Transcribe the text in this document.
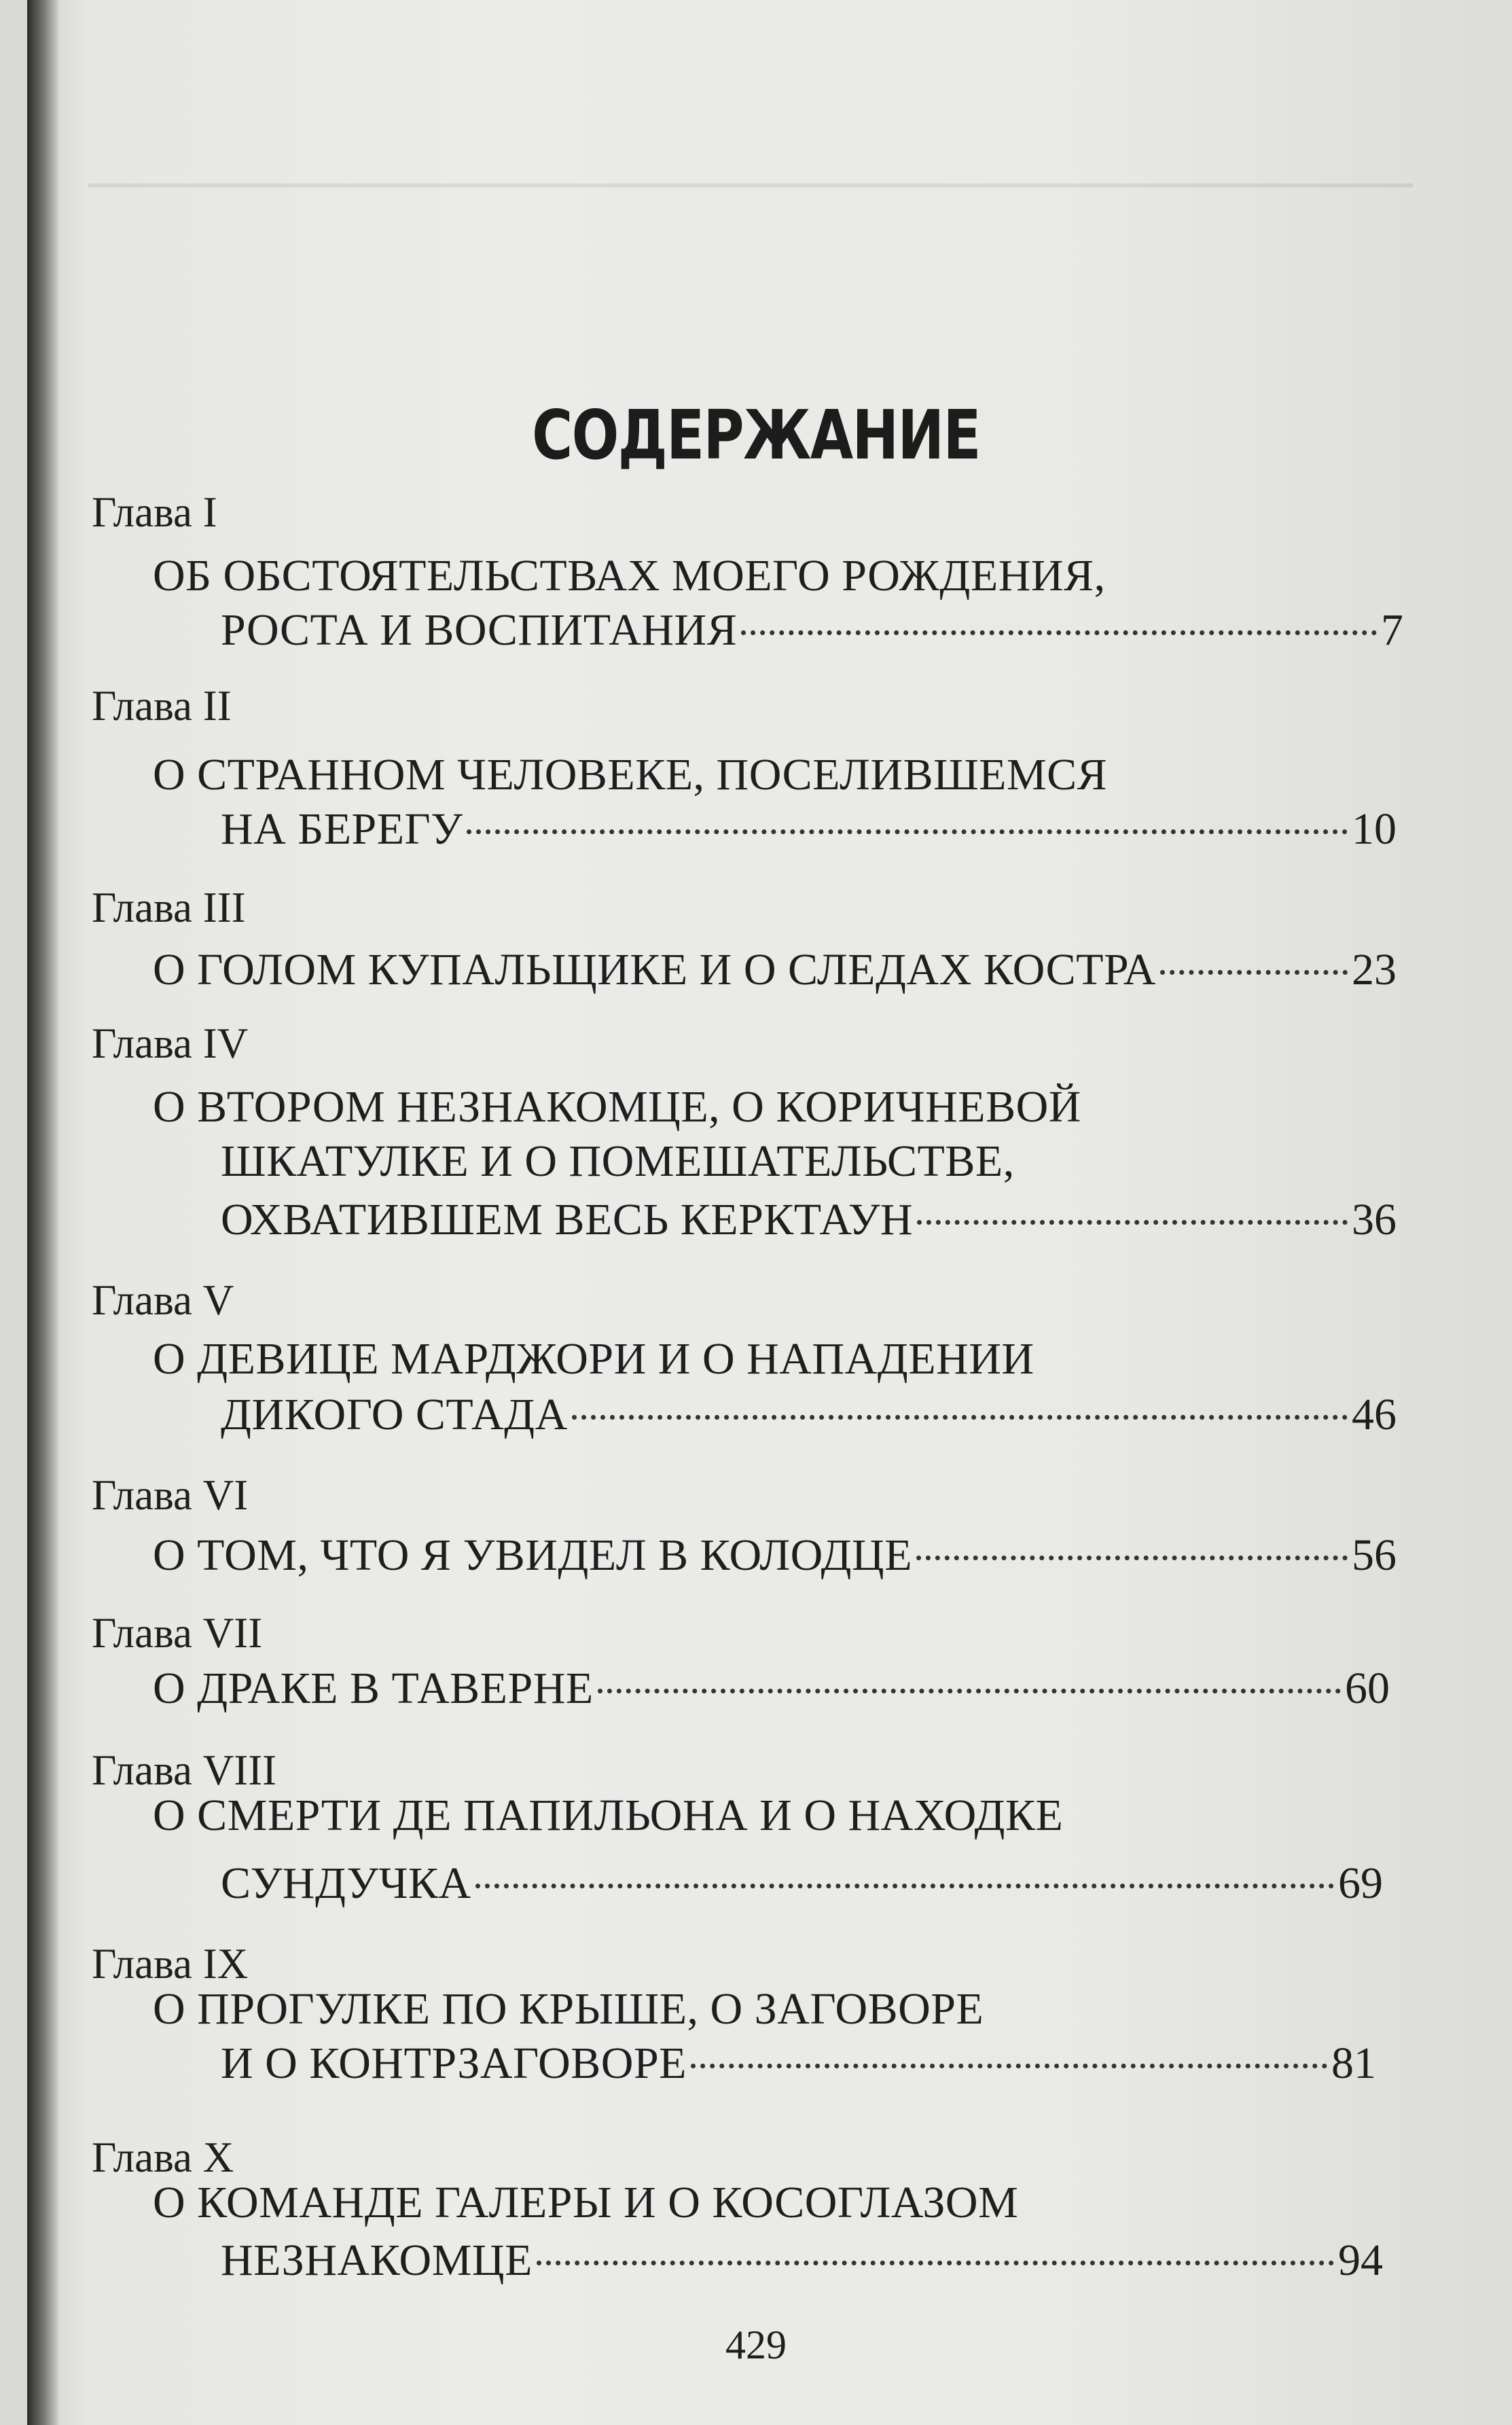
СОДЕРЖАНИЕ
Глава I
ОБ ОБСТОЯТЕЛЬСТВАХ МОЕГО РОЖДЕНИЯ,
РОСТА И ВОСПИТАНИЯ	7
Глава II
О СТРАННОМ ЧЕЛОВЕКЕ, ПОСЕЛИВШЕМСЯ
НА БЕРЕГУ	10
Глава III
О ГОЛОМ КУПАЛЬЩИКЕ И О СЛЕДАХ КОСТРА	23
Глава IV
О ВТОРОМ НЕЗНАКОМЦЕ, О КОРИЧНЕВОЙ
ШКАТУЛКЕ И О ПОМЕШАТЕЛЬСТВЕ,
ОХВАТИВШЕМ ВЕСЬ КЕРКТАУН	36
Глава V
О ДЕВИЦЕ МАРДЖОРИ И О НАПАДЕНИИ
ДИКОГО СТАДА	46
Глава VI
О ТОМ, ЧТО Я УВИДЕЛ В КОЛОДЦЕ	56
Глава VII
О ДРАКЕ В ТАВЕРНЕ	60
Глава VIII
О СМЕРТИ ДЕ ПАПИЛЬОНА И О НАХОДКЕ
СУНДУЧКА	69
Глава IX
О ПРОГУЛКЕ ПО КРЫШЕ, О ЗАГОВОРЕ
И О КОНТРЗАГОВОРЕ	81
Глава X
О КОМАНДЕ ГАЛЕРЫ И О КОСОГЛАЗОМ
НЕЗНАКОМЦЕ	94
429
